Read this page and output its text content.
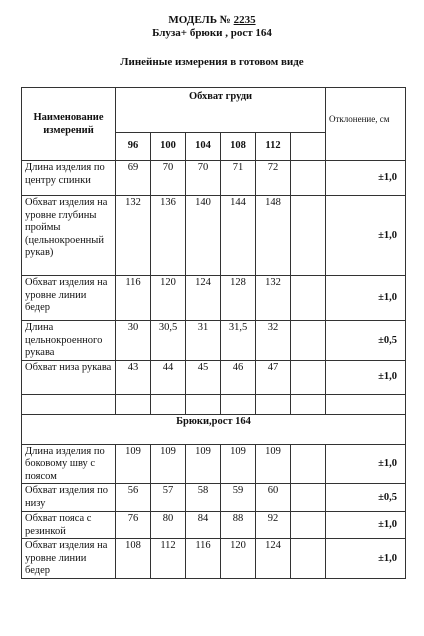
МОДЕЛЬ № 2235
Блуза+ брюки , рост 164
Линейные измерения в готовом виде
Наименование измерений	Обхват груди						Отклонение, см
	96	100	104	108	112		
Длина изделия по центру спинки	69	70	70	71	72		±1,0
Обхват изделия на уровне глубины проймы (цельнокроенный рукав)	132	136	140	144	148		±1,0
Обхват изделия на уровне линии бедер	116	120	124	128	132		±1,0
Длина цельнокроенного рукава	30	30,5	31	31,5	32		±0,5
Обхват низа рукава	43	44	45	46	47		±1,0

Брюки,рост 164							
Длина изделия по боковому шву с поясом	109	109	109	109	109		±1,0
Обхват изделия по низу	56	57	58	59	60		±0,5
Обхват пояса с резинкой	76	80	84	88	92		±1,0
Обхват изделия на уровне линии бедер	108	112	116	120	124		±1,0
